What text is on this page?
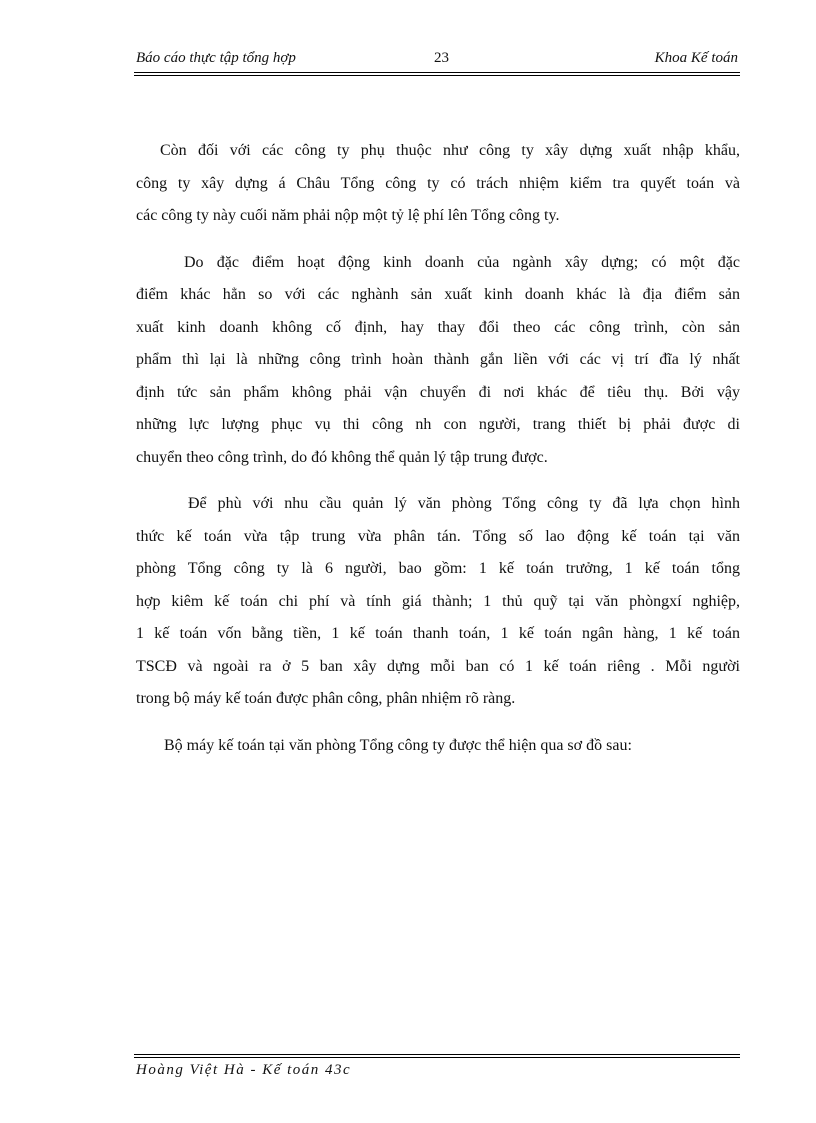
Báo cáo thực tập tổng hợp	23	Khoa Kế toán
Còn đối với các công ty phụ thuộc như công ty xây dựng xuất nhập khẩu,
công ty xây dựng á Châu Tổng công ty có trách nhiệm kiểm tra quyết toán và
các công ty này cuối năm phải nộp một tỷ lệ phí lên Tổng công ty.
Do đặc điểm hoạt động kinh doanh của ngành xây dựng; có một đặc
điểm khác hẳn so với các nghành sản xuất kinh doanh khác là địa điểm sản
xuất kinh doanh không cố định, hay thay đổi theo các công trình, còn sản
phẩm thì lại là những công trình hoàn thành gắn liền với các vị trí đĩa lý nhất
định tức sản phẩm không phải vận chuyển đi nơi khác để tiêu thụ. Bởi vậy
những lực lượng phục vụ thi công nh con người, trang thiết bị phải được di
chuyển theo công trình, do đó không thể quản lý tập trung được.
Để phù với nhu cầu quản lý văn phòng Tổng công ty đã lựa chọn hình
thức kế toán vừa tập trung vừa phân tán. Tổng số lao động kế toán tại văn
phòng Tổng công ty là 6 người, bao gồm: 1 kế toán trưởng, 1 kế toán tổng
hợp kiêm kế toán chi phí và tính giá thành; 1 thủ quỹ tại văn phòngxí nghiệp,
1 kế toán vốn bằng tiền, 1 kế toán thanh toán, 1 kế toán ngân hàng, 1 kế toán
TSCĐ và ngoài ra ở 5 ban xây dựng mỗi ban có 1 kế toán riêng . Mỗi người
trong bộ máy kế toán được phân công, phân nhiệm rõ ràng.
Bộ máy kế toán tại văn phòng Tổng công ty được thể hiện qua sơ đồ sau:
Hoàng Việt Hà - Kế toán 43c
